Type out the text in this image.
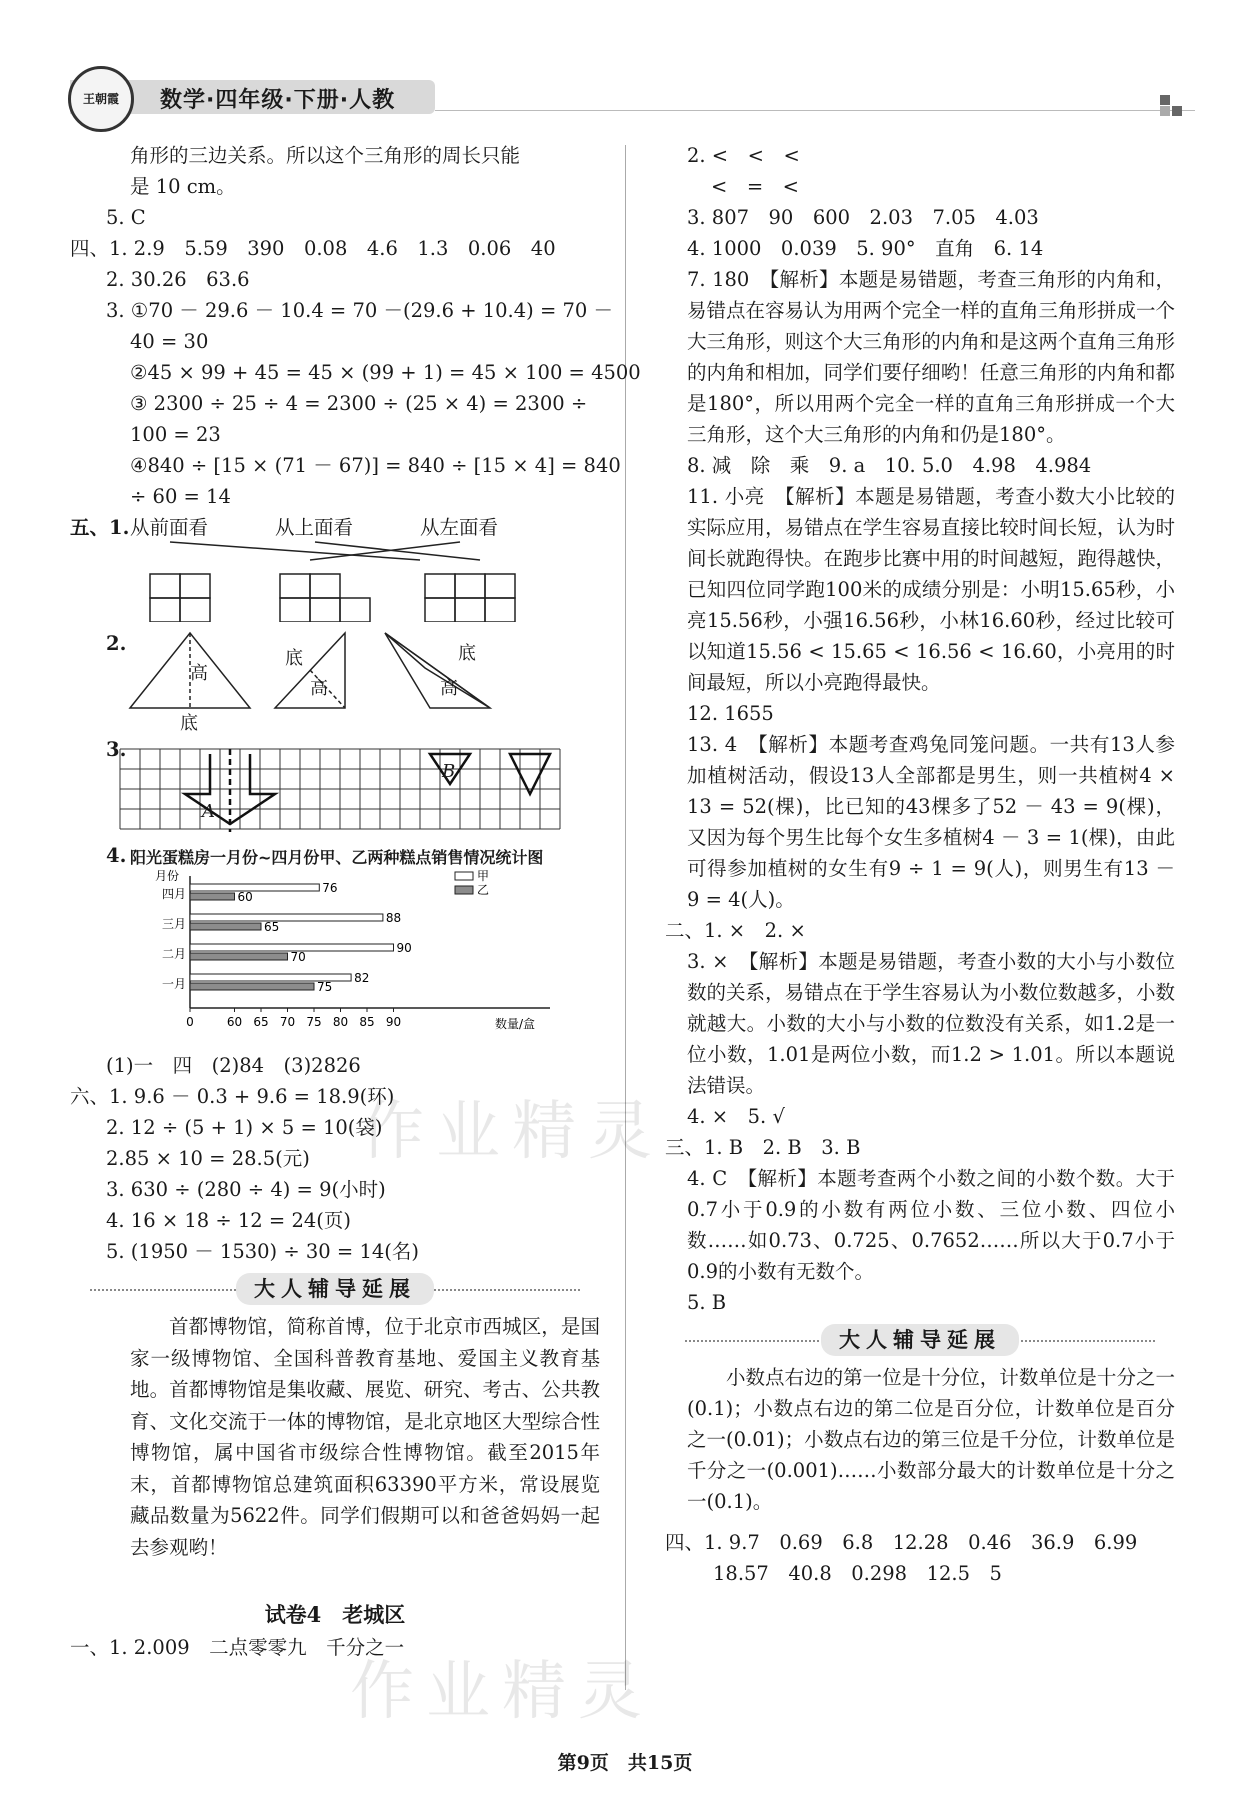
数学·四年级·下册·人教
王朝霞
角形的三边关系。所以这个三角形的周长只能
是 10 cm。
5. C
四、1. 2.9　5.59　390　0.08　4.6　1.3　0.06　40
2. 30.26　63.6
3. ①70 － 29.6 － 10.4 = 70 －(29.6 + 10.4) = 70 －
40 = 30
②45 × 99 + 45 = 45 × (99 + 1) = 45 × 100 = 4500
③ 2300 ÷ 25 ÷ 4 = 2300 ÷ (25 × 4) = 2300 ÷
100 = 23
④840 ÷ [15 × (71 － 67)] = 840 ÷ [15 × 4] = 840
÷ 60 = 14
五、1. 从前面看	从上面看	从左面看
2.
高
底
底
高
底
高
3.
A
B
4. 阳光蛋糕房一月份~四月份甲、乙两种糕点销售情况统计图
月份
数量/盒
0	60 65 70 75 80 85 90
四月	76
60
三月	88
65
二月	90
70
一月	82
75
甲
乙
(1)一　四　(2)84　(3)2826
六、1. 9.6 － 0.3 + 9.6 = 18.9(环)
2. 12 ÷ (5 + 1) × 5 = 10(袋)
2.85 × 10 = 28.5(元)
3. 630 ÷ (280 ÷ 4) = 9(小时)
4. 16 × 18 ÷ 12 = 24(页)
5. (1950 － 1530) ÷ 30 = 14(名)
大人辅导延展
首都博物馆，简称首博，位于北京市西城区，是国家一级博物馆、全国科普教育基地、爱国主义教育基地。首都博物馆是集收藏、展览、研究、考古、公共教育、文化交流于一体的博物馆，是北京地区大型综合性博物馆，属中国省市级综合性博物馆。截至2015年末，首都博物馆总建筑面积63390平方米，常设展览藏品数量为5622件。同学们假期可以和爸爸妈妈一起去参观哟！
试卷4　老城区
一、1. 2.009　二点零零九　千分之一
2. <　<　<
<　=　<
3. 807　90　600　2.03　7.05　4.03
4. 1000　0.039　5. 90°　直角　6. 14
7. 180　【解析】本题是易错题，考查三角形的内角和，易错点在容易认为用两个完全一样的直角三角形拼成一个大三角形，则这个大三角形的内角和是这两个直角三角形的内角和相加，同学们要仔细哟！任意三角形的内角和都是180°，所以用两个完全一样的直角三角形拼成一个大三角形，这个大三角形的内角和仍是180°。
8. 减　除　乘　9. a　10. 5.0　4.98　4.984
11. 小亮　【解析】本题是易错题，考查小数大小比较的实际应用，易错点在学生容易直接比较时间长短，认为时间长就跑得快。在跑步比赛中用的时间越短，跑得越快，已知四位同学跑100米的成绩分别是：小明15.65秒，小亮15.56秒，小强16.56秒，小林16.60秒，经过比较可以知道15.56 < 15.65 < 16.56 < 16.60，小亮用的时间最短，所以小亮跑得最快。
12. 1655
13. 4　【解析】本题考查鸡兔同笼问题。一共有13人参加植树活动，假设13人全部都是男生，则一共植树4 × 13 = 52(棵)，比已知的43棵多了52 － 43 = 9(棵)，又因为每个男生比每个女生多植树4 － 3 = 1(棵)，由此可得参加植树的女生有9 ÷ 1 = 9(人)，则男生有13 － 9 = 4(人)。
二、1. ×　2. ×
3. ×　【解析】本题是易错题，考查小数的大小与小数位数的关系，易错点在于学生容易认为小数位数越多，小数就越大。小数的大小与小数的位数没有关系，如1.2是一位小数，1.01是两位小数，而1.2 > 1.01。所以本题说法错误。
4. ×　5. √
三、1. B　2. B　3. B
4. C　【解析】本题考查两个小数之间的小数个数。大于0.7小于0.9的小数有两位小数、三位小数、四位小数……如0.73、0.725、0.7652……所以大于0.7小于0.9的小数有无数个。
5. B
大人辅导延展
小数点右边的第一位是十分位，计数单位是十分之一(0.1)；小数点右边的第二位是百分位，计数单位是百分之一(0.01)；小数点右边的第三位是千分位，计数单位是千分之一(0.001)……小数部分最大的计数单位是十分之一(0.1)。
四、1. 9.7　0.69　6.8　12.28　0.46　36.9　6.99
18.57　40.8　0.298　12.5　5
作业精灵
作业精灵
第9页　共15页
